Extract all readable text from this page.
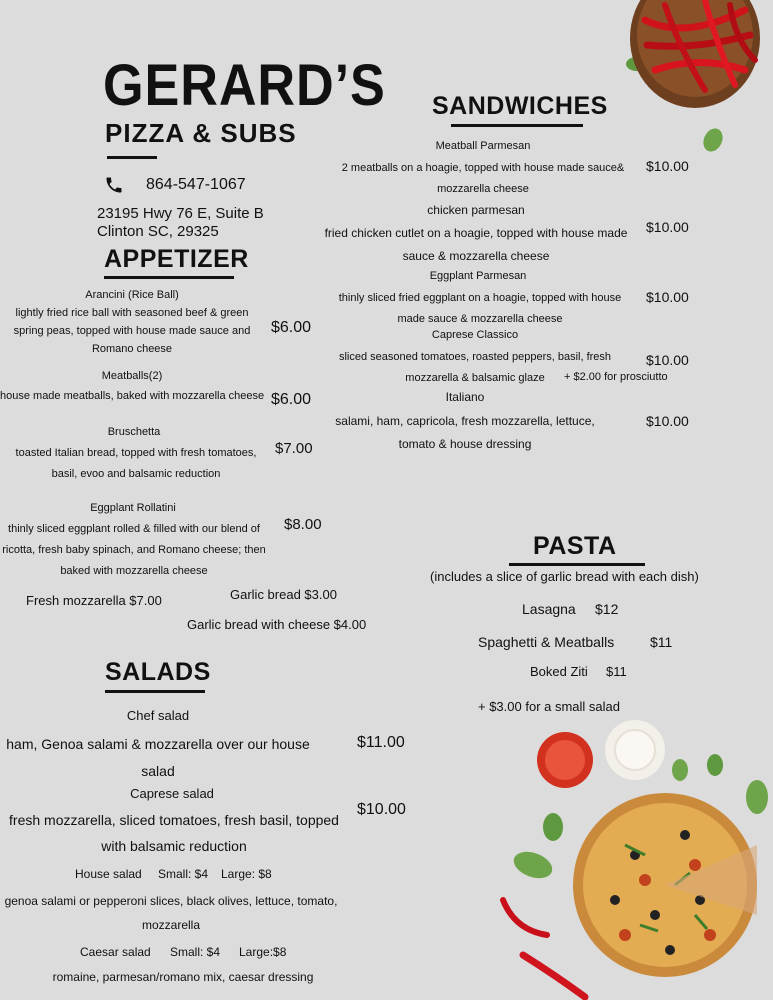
GERARD’S
PIZZA & SUBS
864-547-1067
23195 Hwy 76 E, Suite B
Clinton SC, 29325
APPETIZER
Arancini (Rice Ball)
lightly fried rice ball with seasoned beef & green spring peas, topped with house made sauce and Romano cheese
$6.00
Meatballs(2)
house made meatballs, baked with mozzarella cheese $6.00
Bruschetta
toasted Italian bread, topped with fresh tomatoes, basil, evoo and balsamic reduction
$7.00
Eggplant Rollatini
thinly sliced eggplant rolled & filled with our blend of ricotta, fresh baby spinach, and Romano cheese; then baked with mozzarella cheese
$8.00
Fresh mozzarella $7.00	Garlic bread $3.00
Garlic bread with cheese $4.00
SALADS
Chef salad
ham, Genoa salami & mozzarella over our house salad
$11.00
Caprese salad
fresh mozzarella, sliced tomatoes, fresh basil, topped with balsamic reduction
$10.00
House salad Small: $4 Large: $8
genoa salami or pepperoni slices, black olives, lettuce, tomato, mozzarella
Caesar salad Small: $4 Large:$8
romaine, parmesan/romano mix, caesar dressing
SANDWICHES
Meatball Parmesan
2 meatballs on a hoagie, topped with house made sauce& mozzarella cheese
$10.00
chicken parmesan
fried chicken cutlet on a hoagie, topped with house made sauce & mozzarella cheese
$10.00
Eggplant Parmesan
thinly sliced fried eggplant on a hoagie, topped with house made sauce & mozzarella cheese
$10.00
Caprese Classico
sliced seasoned tomatoes, roasted peppers, basil, fresh mozzarella & balsamic glaze
$10.00
+ $2.00 for prosciutto
Italiano
salami, ham, capricola, fresh mozzarella, lettuce, tomato & house dressing
$10.00
PASTA
(includes a slice of garlic bread with each dish)
Lasagna $12
Spaghetti & Meatballs	$11
Boked Ziti $11
+ $3.00 for a small salad
